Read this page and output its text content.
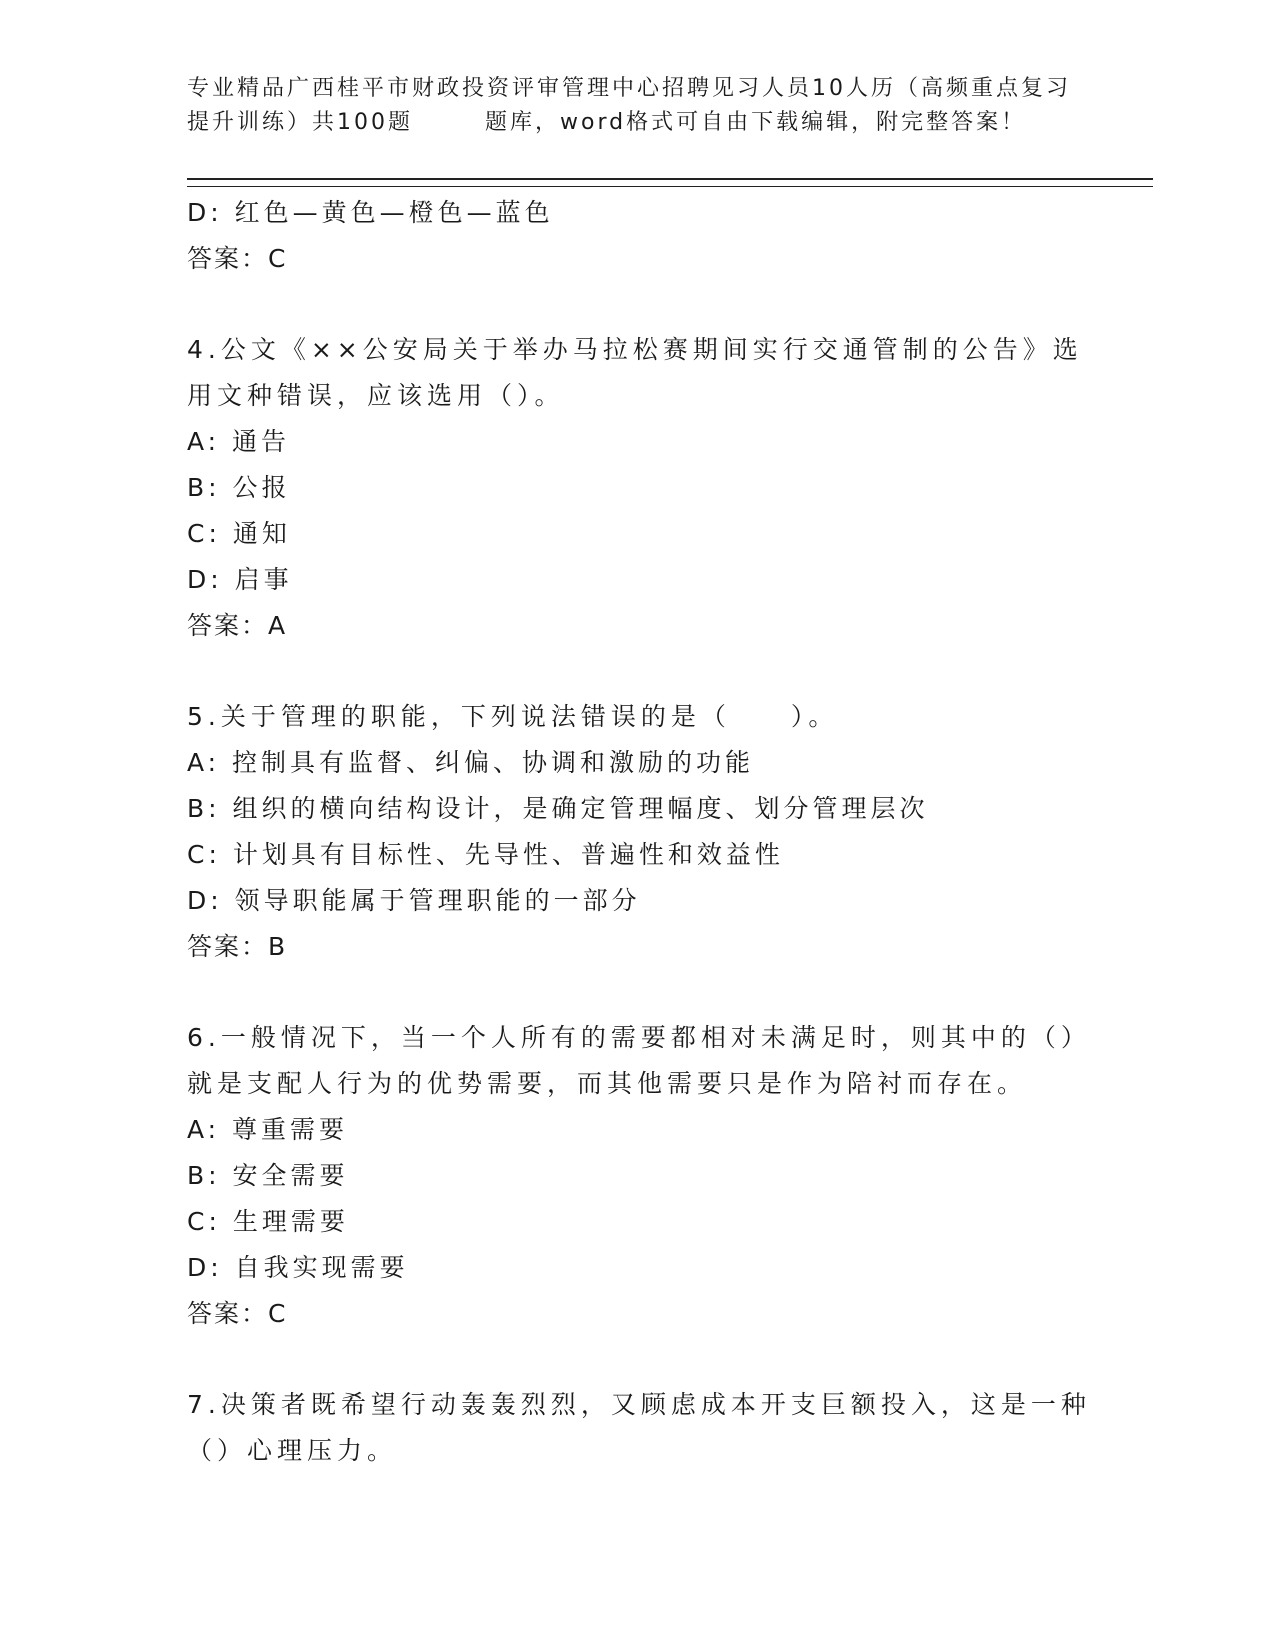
专业精品广西桂平市财政投资评审管理中心招聘见习人员10人历（高频重点复习
提升训练）共100题	题库，word格式可自由下载编辑，附完整答案！
D: 红色—黄色—橙色—蓝色
答案：C
4.公文《××公安局关于举办马拉松赛期间实行交通管制的公告》选
用文种错误，应该选用（）。
A: 通告
B: 公报
C: 通知
D: 启事
答案：A
5.关于管理的职能，下列说法错误的是（　　）。
A: 控制具有监督、纠偏、协调和激励的功能
B: 组织的横向结构设计，是确定管理幅度、划分管理层次
C: 计划具有目标性、先导性、普遍性和效益性
D: 领导职能属于管理职能的一部分
答案：B
6.一般情况下，当一个人所有的需要都相对未满足时，则其中的（）
就是支配人行为的优势需要，而其他需要只是作为陪衬而存在。
A: 尊重需要
B: 安全需要
C: 生理需要
D: 自我实现需要
答案：C
7.决策者既希望行动轰轰烈烈，又顾虑成本开支巨额投入，这是一种
（）心理压力。
